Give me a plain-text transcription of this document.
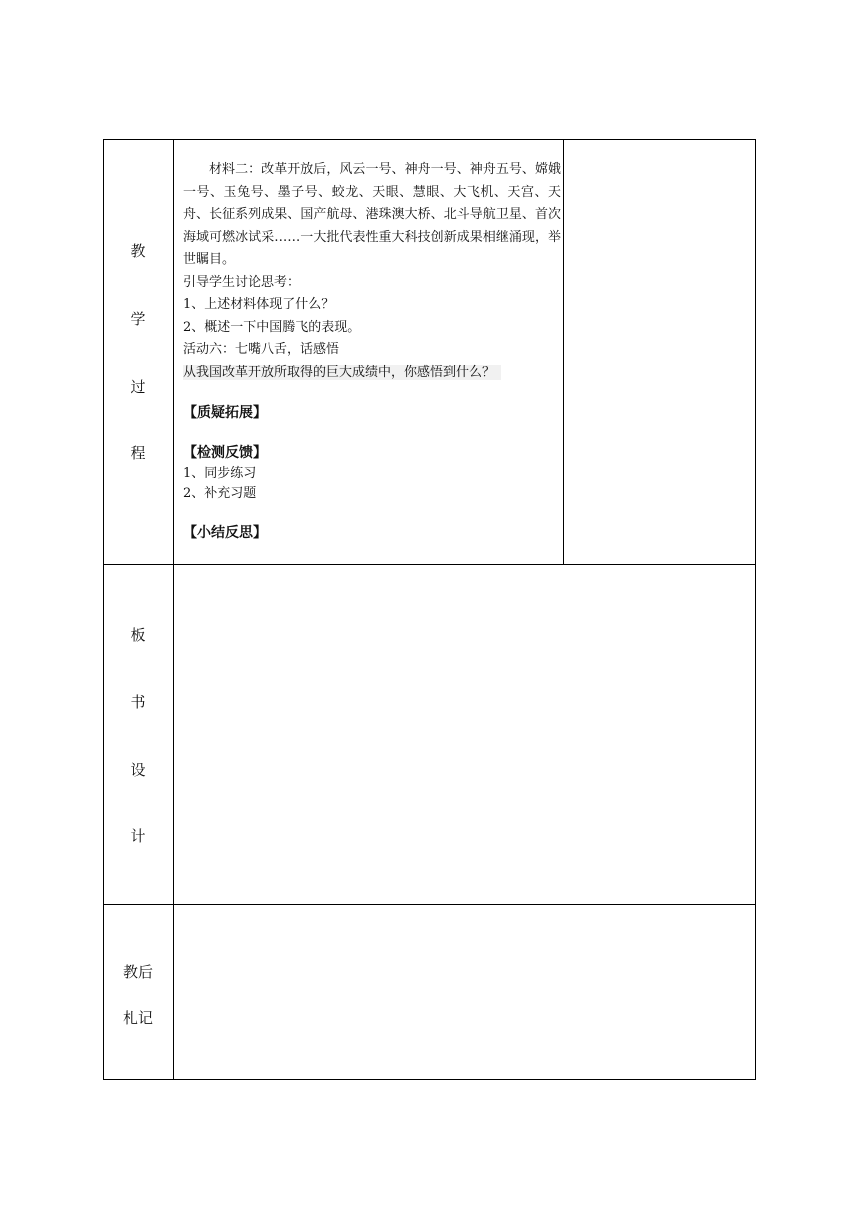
教
学
过
程

材料二：改革开放后，风云一号、神舟一号、神舟五号、嫦娥一号、玉兔号、墨子号、蛟龙、天眼、慧眼、大飞机、天宫、天舟、长征系列成果、国产航母、港珠澳大桥、北斗导航卫星、首次海域可燃冰试采……一大批代表性重大科技创新成果相继涌现，举世瞩目。

引导学生讨论思考：

1、上述材料体现了什么？

2、概述一下中国腾飞的表现。

活动六：七嘴八舌，话感悟

从我国改革开放所取得的巨大成绩中，你感悟到什么？

【质疑拓展】

【检测反馈】

1、同步练习

2、补充习题

【小结反思】

板
书
设
计
教后
札记
